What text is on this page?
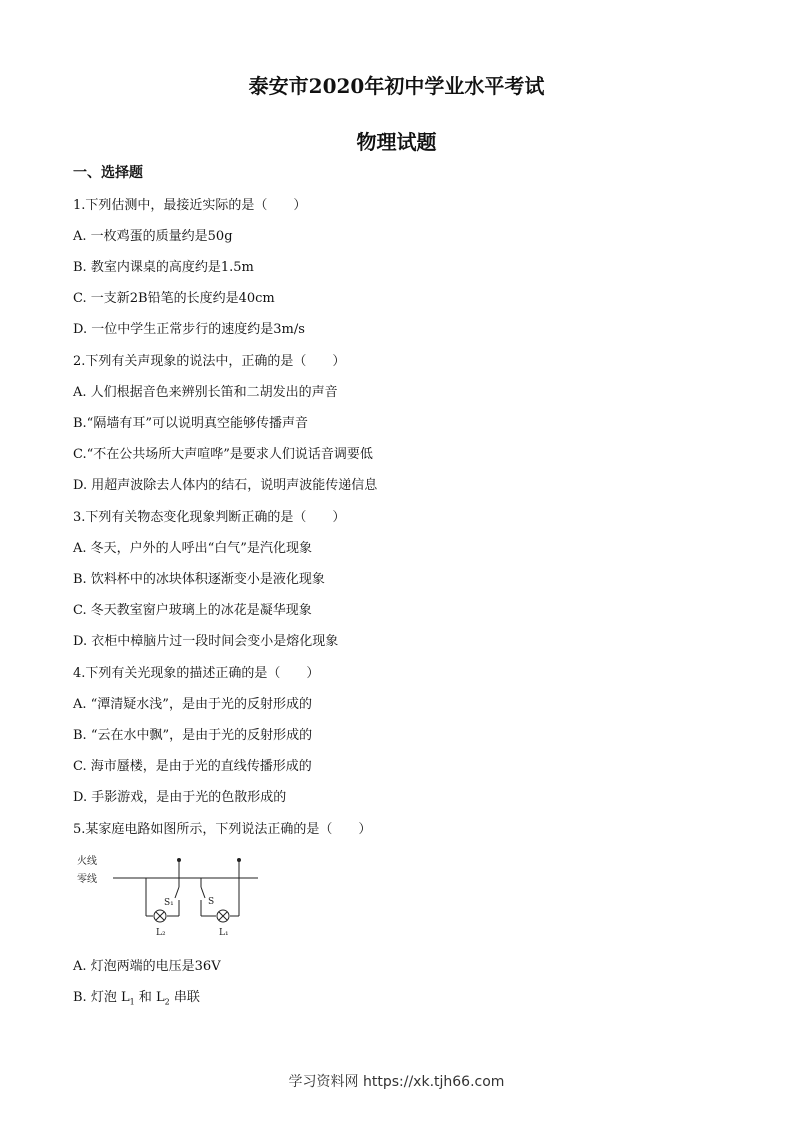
泰安市2020年初中学业水平考试
物理试题
一、选择题
1.下列估测中，最接近实际的是（　　）
A. 一枚鸡蛋的质量约是50g
B. 教室内课桌的高度约是1.5m
C. 一支新2B铅笔的长度约是40cm
D. 一位中学生正常步行的速度约是3m/s
2.下列有关声现象的说法中，正确的是（　　）
A. 人们根据音色来辨别长笛和二胡发出的声音
B.“隔墙有耳”可以说明真空能够传播声音
C.“不在公共场所大声喧哗”是要求人们说话音调要低
D. 用超声波除去人体内的结石，说明声波能传递信息
3.下列有关物态变化现象判断正确的是（　　）
A. 冬天，户外的人呼出“白气”是汽化现象
B. 饮料杯中的冰块体积逐渐变小是液化现象
C. 冬天教室窗户玻璃上的冰花是凝华现象
D. 衣柜中樟脑片过一段时间会变小是熔化现象
4.下列有关光现象的描述正确的是（　　）
A. “潭清疑水浅”，是由于光的反射形成的
B. “云在水中飘”，是由于光的反射形成的
C. 海市蜃楼，是由于光的直线传播形成的
D. 手影游戏，是由于光的色散形成的
5.某家庭电路如图所示，下列说法正确的是（　　）
火线
零线
S₁
L₂
S
L₁
A. 灯泡两端的电压是36V
B. 灯泡 $L_1$ 和 $L_2$ 串联
学习资料网 https://xk.tjh66.com
